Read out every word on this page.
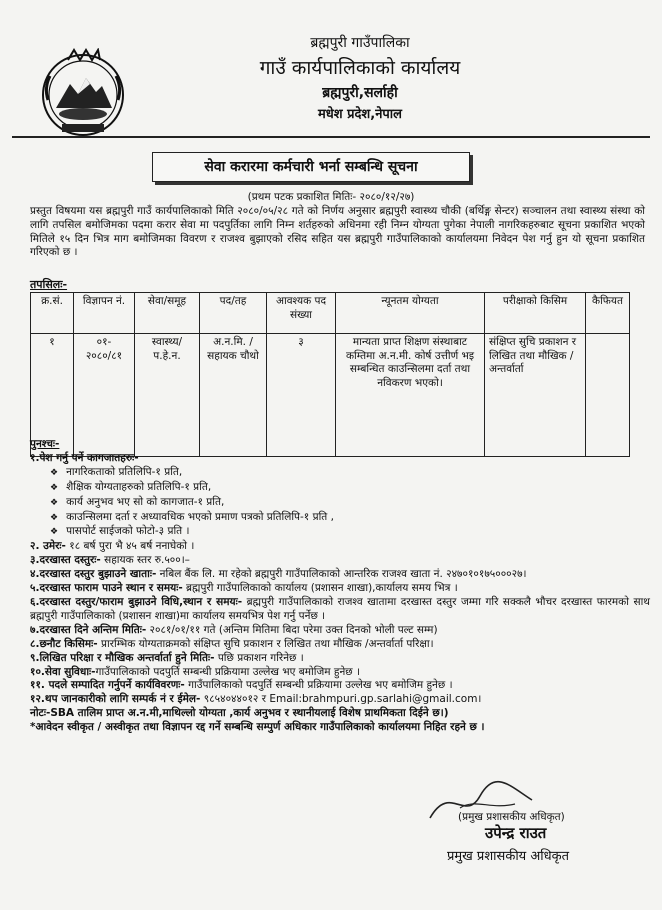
ब्रह्मपुरी गाउँपालिका
गाउँ कार्यपालिकाको कार्यालय
ब्रह्मपुरी,सर्लाही
मधेश प्रदेश,नेपाल
सेवा करारमा कर्मचारी भर्ना सम्बन्धि सूचना
(प्रथम पटक प्रकाशित मितिः- २०८०/१२/२७)
प्रस्तुत विषयमा यस ब्रह्मपुरी गाउँ कार्यपालिकाको मिति २०८०/०५/२८ गते को निर्णय अनुसार ब्रह्मपुरी स्वास्थ्य चौकी (बर्थिङ्ग सेन्टर) सञ्चालन तथा स्वास्थ्य संस्था को लागि तपसिल बमोजिमका पदमा करार सेवा मा पदपुर्तिका लागि निम्न शर्तहरुको अधिनमा रही निम्न योग्यता पुगेका नेपाली नागरिकहरुबाट सूचना प्रकाशित भएको मितिले १५ दिन भित्र माग बमोजिमका विवरण र राजश्व बुझाएको रसिद सहित यस ब्रह्मपुरी गाउँपालिकाको कार्यालयमा निवेदन पेश गर्नु हुन यो सूचना प्रकाशित गरिएको छ ।
तपसिलः-
क्र.सं.	विज्ञापन नं.	सेवा/समूह	पद/तह	आवश्यक पद संख्या	न्यूनतम योग्यता	परीक्षाको किसिम	कैफियत
१	०१- २०८०/८१	स्वास्थ्य/ प.हे.न.	अ.न.मि. /सहायक चौथो	३	मान्यता प्राप्त शिक्षण संस्थाबाट कम्तिमा अ.न.मी. कोर्ष उत्तीर्ण भइ सम्बन्धित काउन्सिलमा दर्ता तथा नविकरण भएको।	संक्षिप्त सुचि प्रकाशन र लिखित तथा मौखिक /अन्तर्वार्ता	
पुनश्चः-
१.पेश गर्नु पर्ने कागजातहरुः-
❖ नागरिकताको प्रतिलिपि-१ प्रति,
❖ शैक्षिक योग्यताहरुको प्रतिलिपि-१ प्रति,
❖ कार्य अनुभव भए सो को कागजात-१ प्रति,
❖ काउन्सिलमा दर्ता र अध्यावधिक भएको प्रमाण पत्रको प्रतिलिपि-१ प्रति ,
❖ पासपोर्ट साईजको फोटो-३ प्रति ।
२. उमेरः- १८ बर्ष पुरा भै ४५ बर्ष ननाघेको ।
३.दरखास्त दस्तुरः- सहायक स्तर रु.५००।–
४.दरखास्त दस्तुर बुझाउने खाताः- नबिल बैंक लि. मा रहेको ब्रह्मपुरी गाउँपालिकाको आन्तरिक राजश्व खाता नं. २४७०१०१७५०००२७।
५.दरखास्त फाराम पाउने स्थान र समयः- ब्रह्मपुरी गाउँपालिकाको कार्यालय (प्रशासन शाखा),कार्यालय समय भित्र ।
६.दरखास्त दस्तुर/फाराम बुझाउने विधि,स्थान र समयः- ब्रह्मपुरी गाउँपालिकाको राजश्व खातामा दरखास्त दस्तुर जम्मा गरि सक्कलै भौचर दरखास्त फारमको साथ ब्रह्मपुरी गाउँपालिकाको (प्रशासन शाखा)मा कार्यालय समयभित्र पेश गर्नु पर्नेछ ।
७.दरखास्त दिने अन्तिम मितिः- २०८१/०१/११ गते (अन्तिम मितिमा बिदा परेमा उक्त दिनको भोली पल्ट सम्म)
८.छनौट किसिमः- प्रारम्भिक योग्यताक्रमको संक्षिप्त सुचि प्रकाशन र लिखित तथा मौखिक /अन्तर्वार्ता परिक्षा।
९.लिखित परिक्षा र मौखिक अन्तर्वार्ता हुने मितिः- पछि प्रकाशन गरिनेछ ।
१०.सेवा सुविधाः-गाउँपालिकाको पदपुर्ति सम्बन्धी प्रक्रियामा उल्लेख भए बमोजिम हुनेछ ।
११. पदले सम्पादित गर्नुपर्ने कार्यविवरणः- गाउँपालिकाको पदपुर्ति सम्बन्धी प्रक्रियामा उल्लेख भए बमोजिम हुनेछ ।
१२.थप जानकारीको लागि सम्पर्क नं र ईमेल- ९८५४०४४०१२ र Email:brahmpuri.gp.sarlahi@gmail.com।
नोटः-SBA तालिम प्राप्त अ.न.मी,माथिल्लो योग्यता ,कार्य अनुभव र स्थानीयलाई विशेष प्राथमिकता दिईने छ।)
*आवेदन स्वीकृत / अस्वीकृत तथा विज्ञापन रद्द गर्ने सम्बन्धि सम्पुर्ण अधिकार गाउँपालिकाको कार्यालयमा निहित रहने छ ।
(प्रमुख प्रशासकीय अधिकृत)
उपेन्द्र राउत
प्रमुख प्रशासकीय अधिकृत
